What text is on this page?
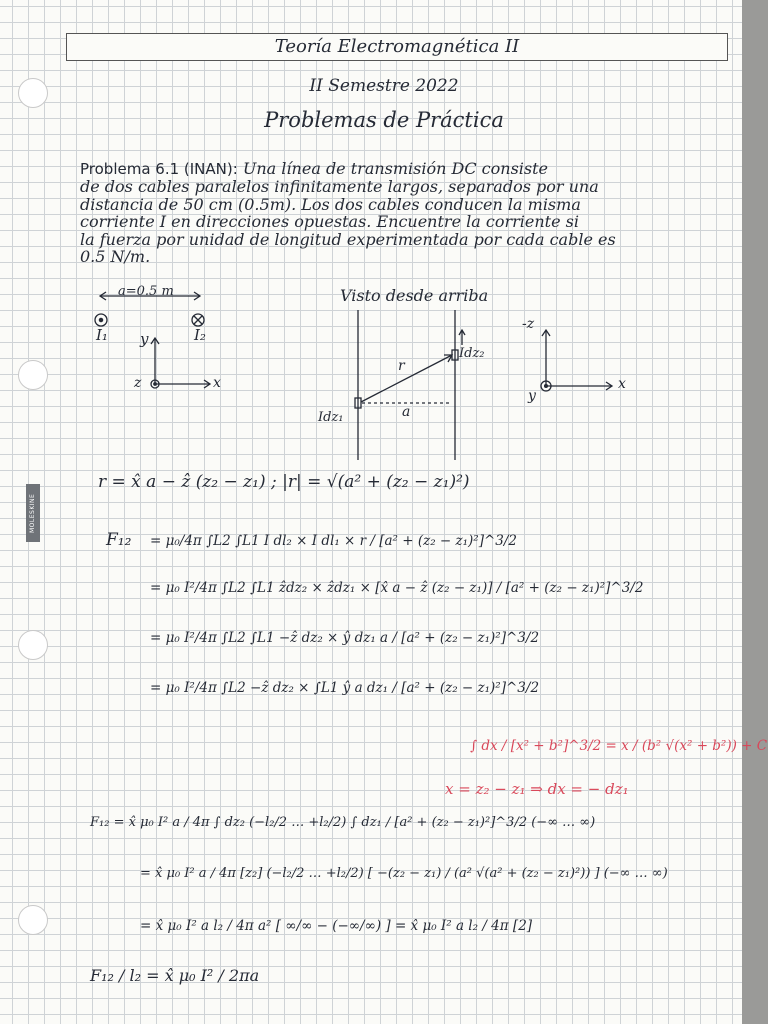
MOLESKINE
Teoría Electromagnética II
II Semestre 2022
Problemas de Práctica
Problema 6.1 (INAN): Una línea de transmisión DC consiste
de dos cables paralelos infinitamente largos, separados por una
distancia de 50 cm (0.5m). Los dos cables conducen la misma
corriente I en direcciones opuestas. Encuentre la corriente si
la fuerza por unidad de longitud experimentada por cada cable es
0.5 N/m.
a=0.5 m
I₁	I₂
y
z	x
Visto desde arriba
Idz₂
Idz₁
r
a
-z
y
x
r = x̂ a − ẑ (z₂ − z₁) ; |r| = √(a² + (z₂ − z₁)²)
F₁₂ = μ₀/4π ∫L2 ∫L1 I dl₂ × I dl₁ × r / [a² + (z₂ − z₁)²]^3/2
= μ₀ I²/4π ∫L2 ∫L1 ẑdz₂ × ẑdz₁ × [x̂ a − ẑ (z₂ − z₁)] / [a² + (z₂ − z₁)²]^3/2
= μ₀ I²/4π ∫L2 ∫L1 −ẑ dz₂ × ŷ dz₁ a / [a² + (z₂ − z₁)²]^3/2
= μ₀ I²/4π ∫L2 −ẑ dz₂ × ∫L1 ŷ a dz₁ / [a² + (z₂ − z₁)²]^3/2
∫ dx / [x² + b²]^3/2 = x / (b² √(x² + b²)) + C
x = z₂ − z₁ ⇒ dx = − dz₁
F₁₂ = x̂ μ₀ I² a / 4π ∫ dz₂ (−l₂/2 … +l₂/2) ∫ dz₁ / [a² + (z₂ − z₁)²]^3/2 (−∞ … ∞)
= x̂ μ₀ I² a / 4π [z₂] (−l₂/2 … +l₂/2) [ −(z₂ − z₁) / (a² √(a² + (z₂ − z₁)²)) ] (−∞ … ∞)
= x̂ μ₀ I² a l₂ / 4π a² [ ∞/∞ − (−∞/∞) ] = x̂ μ₀ I² a l₂ / 4π [2]
F₁₂ / l₂ = x̂ μ₀ I² / 2πa
